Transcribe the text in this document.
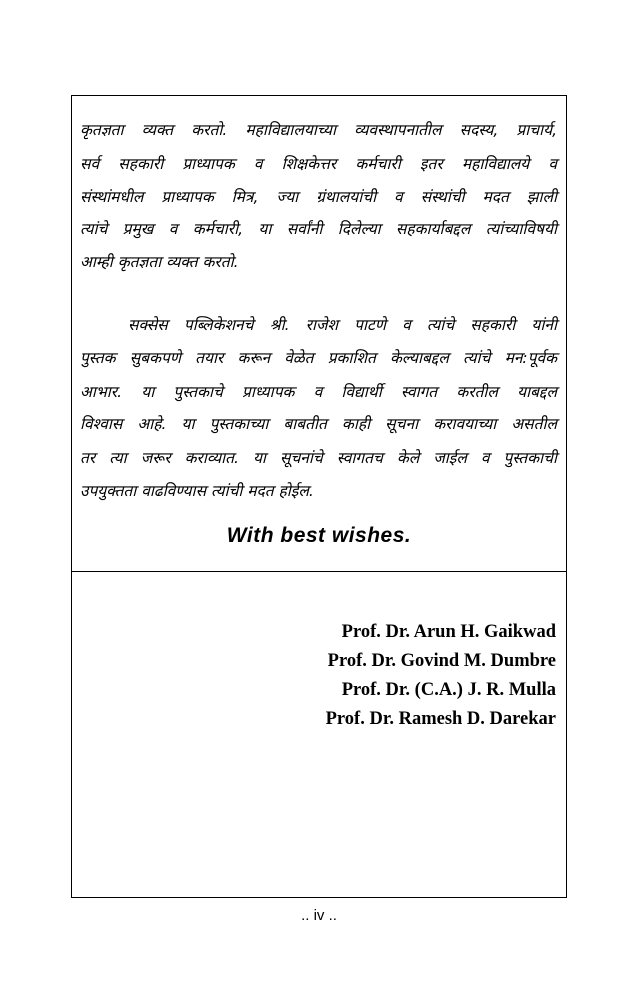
कृतज्ञता व्यक्त करतो. महाविद्यालयाच्या व्यवस्थापनातील सदस्य, प्राचार्य,
सर्व सहकारी प्राध्यापक व शिक्षकेत्तर कर्मचारी इतर महाविद्यालये व
संस्थांमधील प्राध्यापक मित्र, ज्या ग्रंथालयांची व संस्थांची मदत झाली
त्यांचे प्रमुख व कर्मचारी, या सर्वांनी दिलेल्या सहकार्याबद्दल त्यांच्याविषयी
आम्ही कृतज्ञता व्यक्त करतो.
सक्सेस पब्लिकेशनचे श्री. राजेश पाटणे व त्यांचे सहकारी यांनी
पुस्तक सुबकपणे तयार करून वेळेत प्रकाशित केल्याबद्दल त्यांचे मन:पूर्वक
आभार. या पुस्तकाचे प्राध्यापक व विद्यार्थी स्वागत करतील याबद्दल
विश्वास आहे. या पुस्तकाच्या बाबतीत काही सूचना करावयाच्या असतील
तर त्या जरूर कराव्यात. या सूचनांचे स्वागतच केले जाईल व पुस्तकाची
उपयुक्तता वाढविण्यास त्यांची मदत होईल.
With best wishes.
Prof. Dr. Arun H. Gaikwad
Prof. Dr. Govind M. Dumbre
Prof. Dr. (C.A.) J. R. Mulla
Prof. Dr. Ramesh D. Darekar
.. iv ..
